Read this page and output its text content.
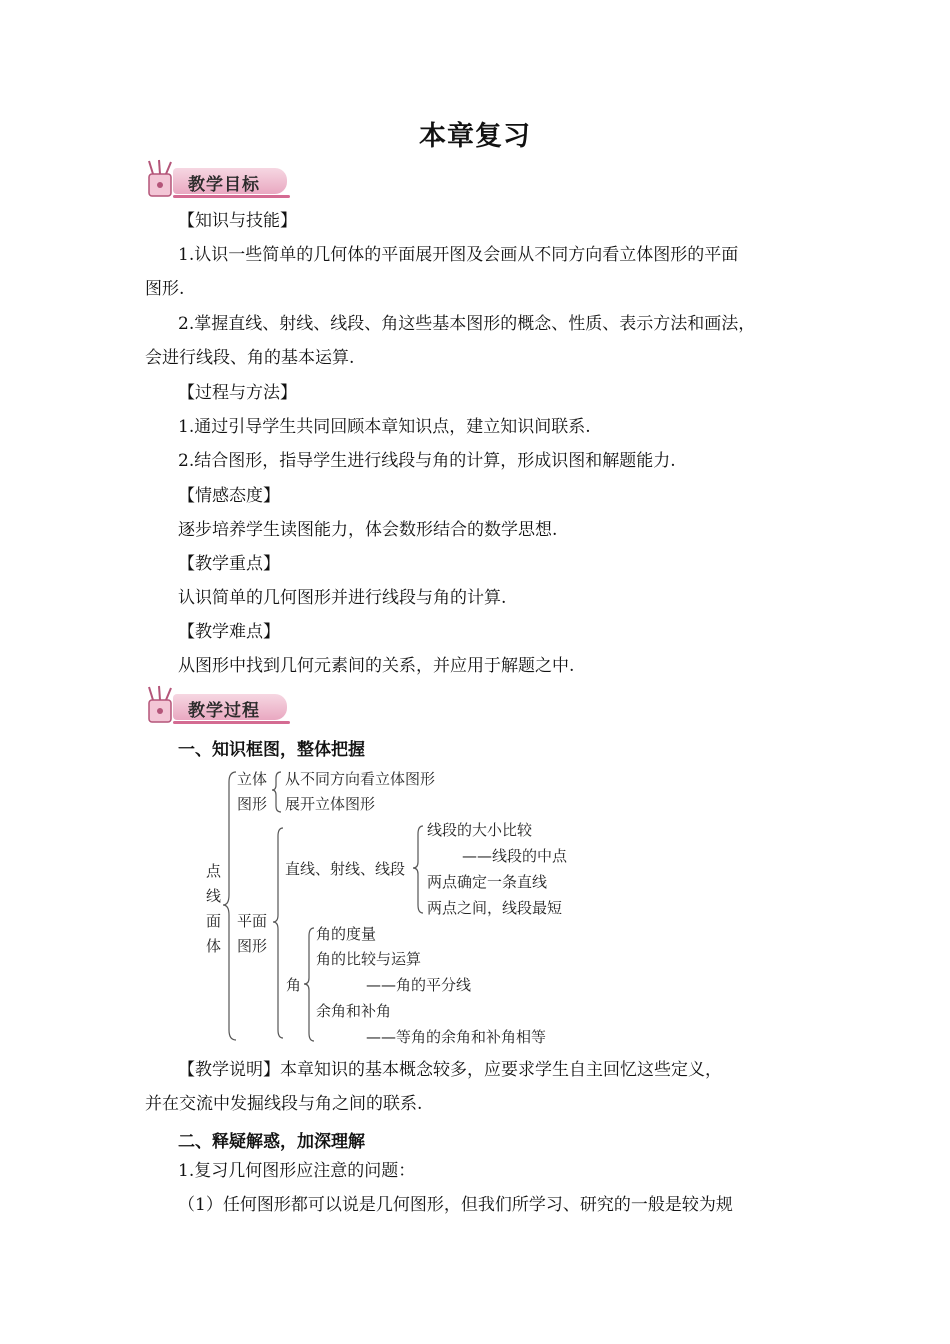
本章复习
教学目标
【知识与技能】
1.认识一些简单的几何体的平面展开图及会画从不同方向看立体图形的平面
图形.
2.掌握直线、射线、线段、角这些基本图形的概念、性质、表示方法和画法，
会进行线段、角的基本运算.
【过程与方法】
1.通过引导学生共同回顾本章知识点，建立知识间联系.
2.结合图形，指导学生进行线段与角的计算，形成识图和解题能力.
【情感态度】
逐步培养学生读图能力，体会数形结合的数学思想.
【教学重点】
认识简单的几何图形并进行线段与角的计算.
【教学难点】
从图形中找到几何元素间的关系，并应用于解题之中.
教学过程
一、知识框图，整体把握
点
线
面
体
立体
图形
从不同方向看立体图形
展开立体图形
平面
图形
直线、射线、线段
线段的大小比较
——线段的中点
两点确定一条直线
两点之间，线段最短
角
角的度量
角的比较与运算
——角的平分线
余角和补角
——等角的余角和补角相等
【教学说明】本章知识的基本概念较多，应要求学生自主回忆这些定义，
并在交流中发掘线段与角之间的联系.
二、释疑解惑，加深理解
1.复习几何图形应注意的问题：
（1）任何图形都可以说是几何图形，但我们所学习、研究的一般是较为规
